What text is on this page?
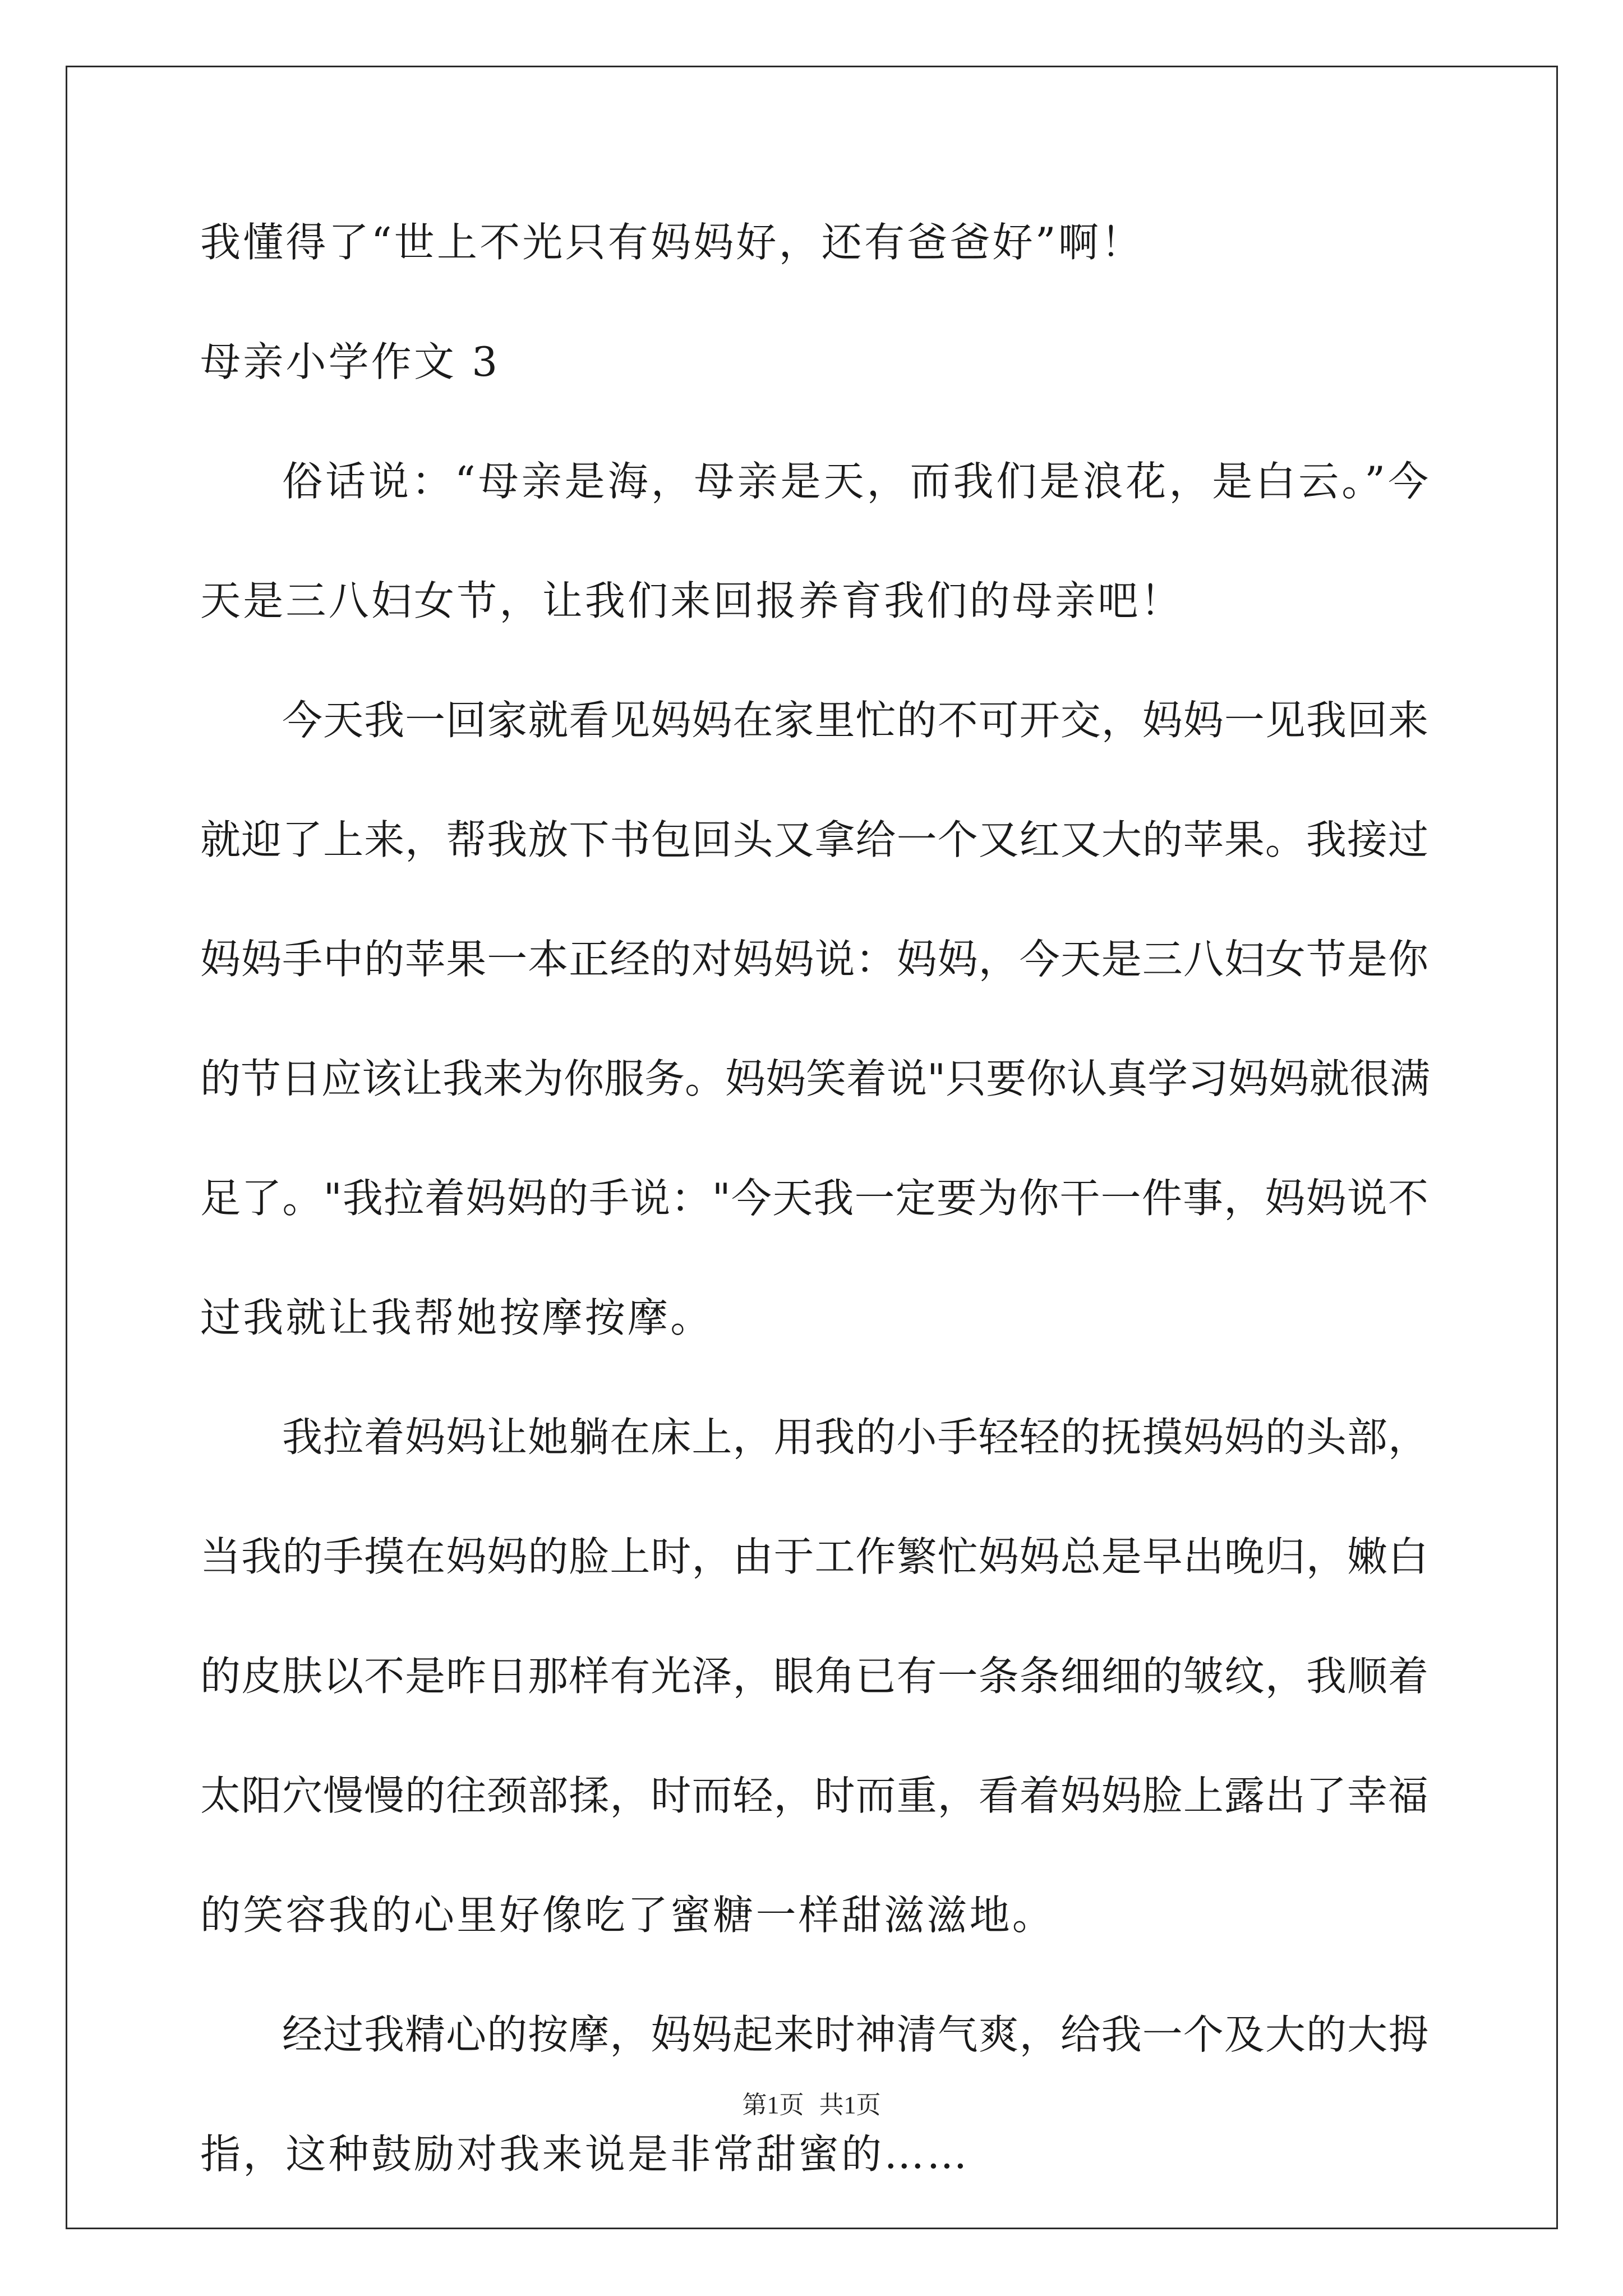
我懂得了“世上不光只有妈妈好，还有爸爸好”啊！
母亲小学作文 3
俗话说：“母亲是海，母亲是天，而我们是浪花，是白云。”今
天是三八妇女节，让我们来回报养育我们的母亲吧！
今天我一回家就看见妈妈在家里忙的不可开交，妈妈一见我回来
就迎了上来，帮我放下书包回头又拿给一个又红又大的苹果。我接过
妈妈手中的苹果一本正经的对妈妈说：妈妈，今天是三八妇女节是你
的节日应该让我来为你服务。妈妈笑着说"只要你认真学习妈妈就很满
足了。"我拉着妈妈的手说："今天我一定要为你干一件事，妈妈说不
过我就让我帮她按摩按摩。
我拉着妈妈让她躺在床上，用我的小手轻轻的抚摸妈妈的头部，
当我的手摸在妈妈的脸上时，由于工作繁忙妈妈总是早出晚归，嫩白
的皮肤以不是昨日那样有光泽，眼角已有一条条细细的皱纹，我顺着
太阳穴慢慢的往颈部揉，时而轻，时而重，看着妈妈脸上露出了幸福
的笑容我的心里好像吃了蜜糖一样甜滋滋地。
经过我精心的按摩，妈妈起来时神清气爽，给我一个及大的大拇
指，这种鼓励对我来说是非常甜蜜的……
第1页 共1页
